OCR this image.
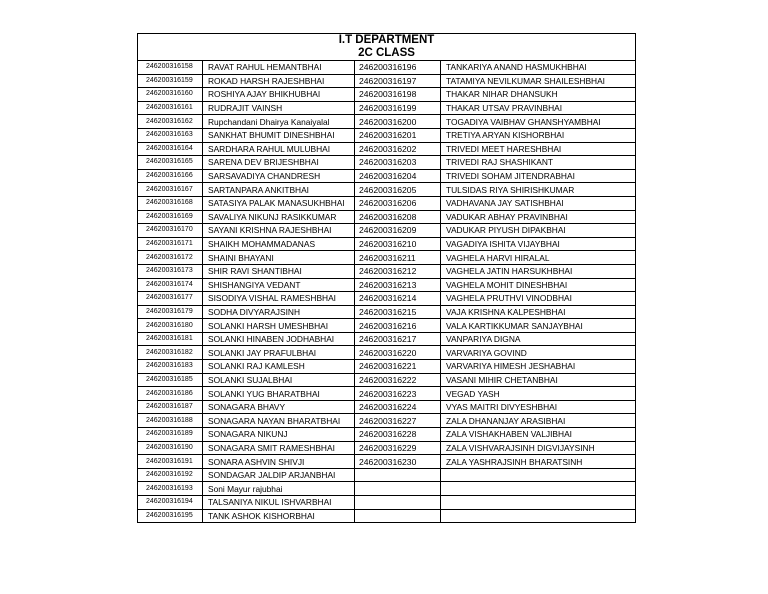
I.T DEPARTMENT			
2C CLASS			
246200316158	RAVAT RAHUL HEMANTBHAI	246200316196	TANKARIYA ANAND HASMUKHBHAI
246200316159	ROKAD HARSH RAJESHBHAI	246200316197	TATAMIYA NEVILKUMAR SHAILESHBHAI
246200316160	ROSHIYA AJAY BHIKHUBHAI	246200316198	THAKAR NIHAR DHANSUKH
246200316161	RUDRAJIT VAINSH	246200316199	THAKAR UTSAV PRAVINBHAI
246200316162	Rupchandani Dhairya Kanaiyalal	246200316200	TOGADIYA VAIBHAV GHANSHYAMBHAI
246200316163	SANKHAT BHUMIT DINESHBHAI	246200316201	TRETIYA ARYAN KISHORBHAI
246200316164	SARDHARA RAHUL MULUBHAI	246200316202	TRIVEDI MEET HARESHBHAI
246200316165	SARENA DEV BRIJESHBHAI	246200316203	TRIVEDI RAJ SHASHIKANT
246200316166	SARSAVADIYA CHANDRESH	246200316204	TRIVEDI SOHAM JITENDRABHAI
246200316167	SARTANPARA ANKITBHAI	246200316205	TULSIDAS RIYA SHIRISHKUMAR
246200316168	SATASIYA PALAK MANASUKHBHAI	246200316206	VADHAVANA JAY SATISHBHAI
246200316169	SAVALIYA NIKUNJ RASIKKUMAR	246200316208	VADUKAR ABHAY PRAVINBHAI
246200316170	SAYANI KRISHNA RAJESHBHAI	246200316209	VADUKAR PIYUSH DIPAKBHAI
246200316171	SHAIKH MOHAMMADANAS	246200316210	VAGADIYA ISHITA VIJAYBHAI
246200316172	SHAINI BHAYANI	246200316211	VAGHELA HARVI HIRALAL
246200316173	SHIR RAVI SHANTIBHAI	246200316212	VAGHELA JATIN HARSUKHBHAI
246200316174	SHISHANGIYA VEDANT	246200316213	VAGHELA MOHIT DINESHBHAI
246200316177	SISODIYA VISHAL RAMESHBHAI	246200316214	VAGHELA PRUTHVI VINODBHAI
246200316179	SODHA DIVYARAJSINH	246200316215	VAJA KRISHNA KALPESHBHAI
246200316180	SOLANKI HARSH UMESHBHAI	246200316216	VALA KARTIKKUMAR SANJAYBHAI
246200316181	SOLANKI HINABEN JODHABHAI	246200316217	VANPARIYA DIGNA
246200316182	SOLANKI JAY PRAFULBHAI	246200316220	VARVARIYA GOVIND
246200316183	SOLANKI RAJ KAMLESH	246200316221	VARVARIYA HIMESH JESHABHAI
246200316185	SOLANKI SUJALBHAI	246200316222	VASANI MIHIR CHETANBHAI
246200316186	SOLANKI YUG BHARATBHAI	246200316223	VEGAD YASH
246200316187	SONAGARA BHAVY	246200316224	VYAS MAITRI DIVYESHBHAI
246200316188	SONAGARA NAYAN BHARATBHAI	246200316227	ZALA DHANANJAY ARASIBHAI
246200316189	SONAGARA NIKUNJ	246200316228	ZALA VISHAKHABEN VALJIBHAI
246200316190	SONAGARA SMIT RAMESHBHAI	246200316229	ZALA VISHVARAJSINH DIGVIJAYSINH
246200316191	SONARA ASHVIN SHIVJI	246200316230	ZALA YASHRAJSINH BHARATSINH
246200316192	SONDAGAR JALDIP ARJANBHAI		
246200316193	Soni Mayur rajubhai		
246200316194	TALSANIYA NIKUL ISHVARBHAI		
246200316195	TANK ASHOK KISHORBHAI		
